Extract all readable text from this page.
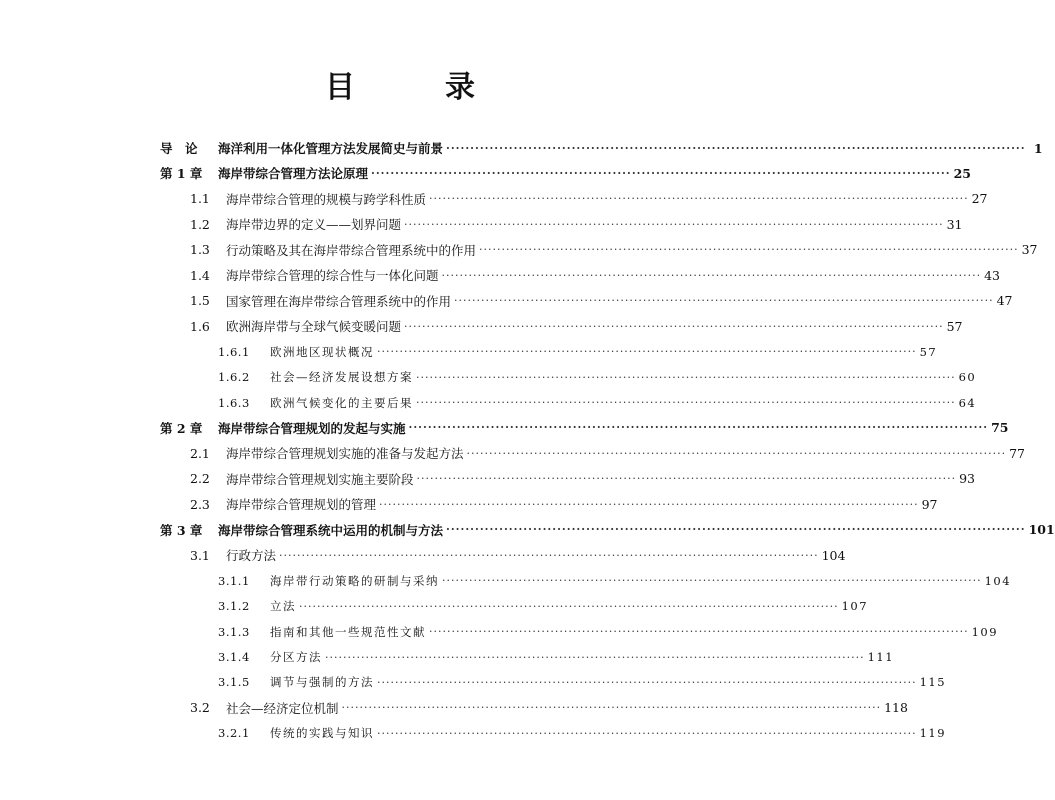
目　录
导　论	海洋利用一体化管理方法发展简史与前景 ························································································································ 1
第 1 章	海岸带综合管理方法论原理 ························································································································ 25
1.1	海岸带综合管理的规模与跨学科性质 ························································································································ 27
1.2	海岸带边界的定义——划界问题 ························································································································ 31
1.3	行动策略及其在海岸带综合管理系统中的作用 ························································································································ 37
1.4	海岸带综合管理的综合性与一体化问题 ························································································································ 43
1.5	国家管理在海岸带综合管理系统中的作用 ························································································································ 47
1.6	欧洲海岸带与全球气候变暖问题 ························································································································ 57
1.6.1	欧洲地区现状概况 ························································································································ 57
1.6.2	社会—经济发展设想方案 ························································································································ 60
1.6.3	欧洲气候变化的主要后果 ························································································································ 64
第 2 章	海岸带综合管理规划的发起与实施 ························································································································ 75
2.1	海岸带综合管理规划实施的准备与发起方法 ························································································································ 77
2.2	海岸带综合管理规划实施主要阶段 ························································································································ 93
2.3	海岸带综合管理规划的管理 ························································································································ 97
第 3 章	海岸带综合管理系统中运用的机制与方法 ························································································································ 101
3.1	行政方法 ························································································································ 104
3.1.1	海岸带行动策略的研制与采纳 ························································································································ 104
3.1.2	立法 ························································································································ 107
3.1.3	指南和其他一些规范性文献 ························································································································ 109
3.1.4	分区方法 ························································································································ 111
3.1.5	调节与强制的方法 ························································································································ 115
3.2	社会—经济定位机制 ························································································································ 118
3.2.1	传统的实践与知识 ························································································································ 119
